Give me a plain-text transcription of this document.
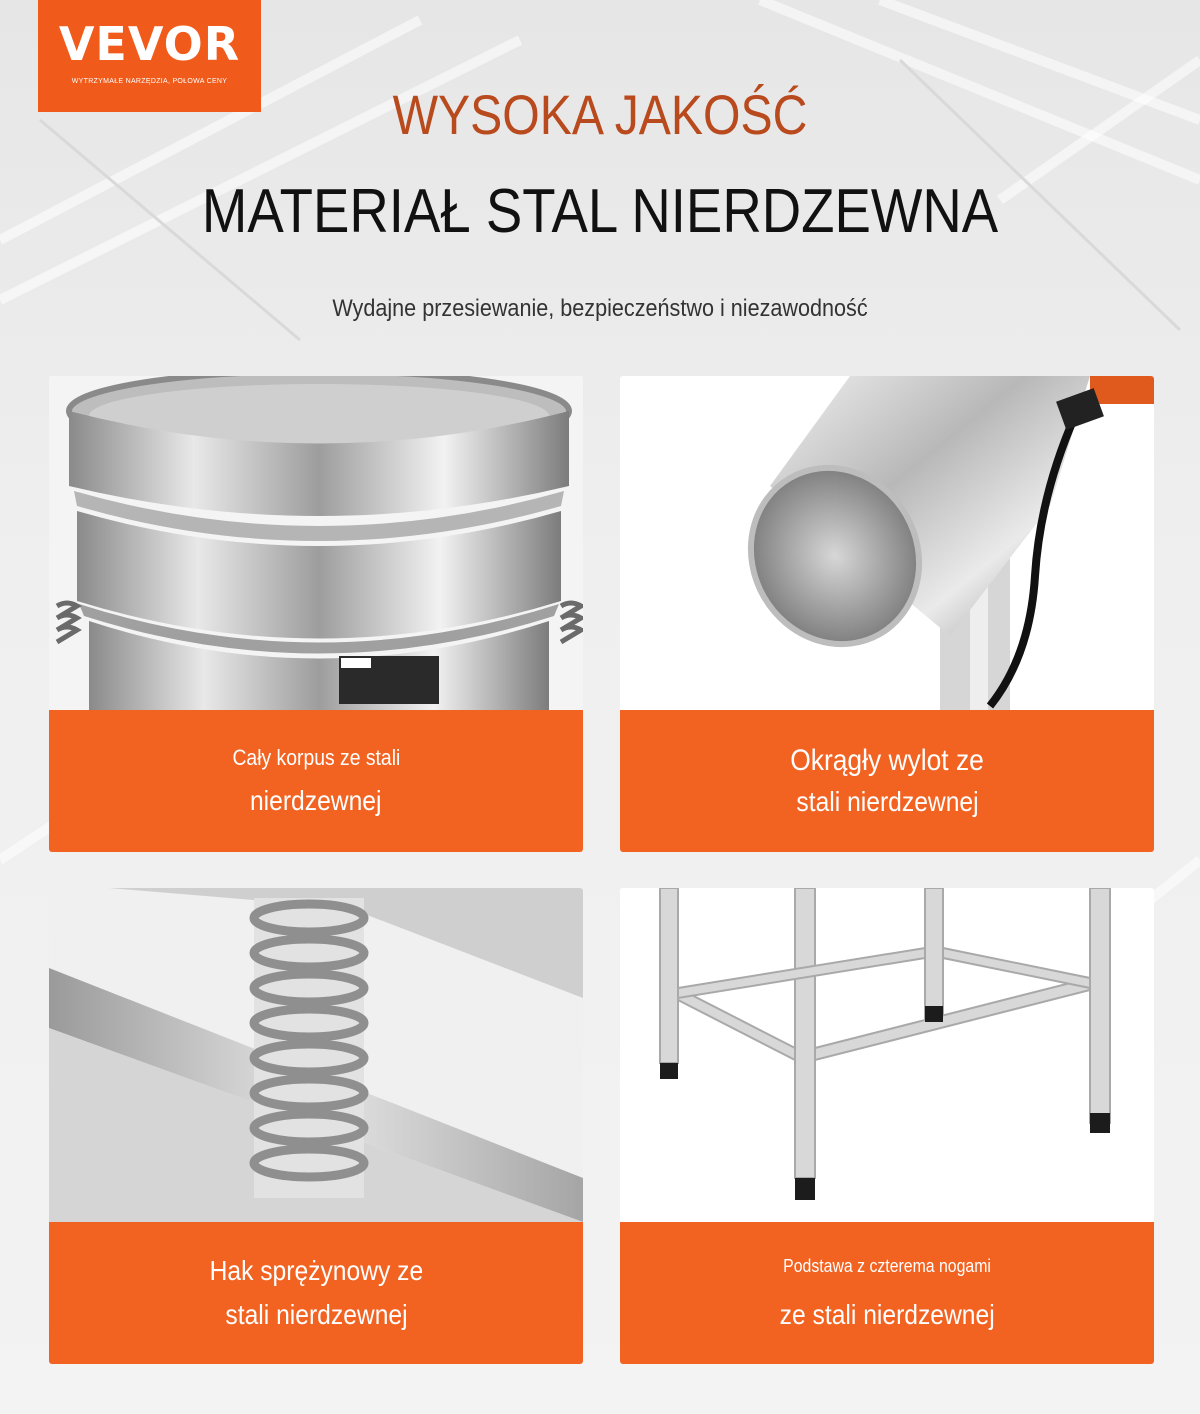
VEVOR
WYTRZYMAŁE NARZĘDZIA, POŁOWA CENY
WYSOKA JAKOŚĆ
MATERIAŁ STAL NIERDZEWNA
Wydajne przesiewanie, bezpieczeństwo i niezawodność
Cały korpus ze stali
nierdzewnej
Okrągły wylot ze
stali nierdzewnej
Hak sprężynowy ze
stali nierdzewnej
Podstawa z czterema nogami
ze stali nierdzewnej
